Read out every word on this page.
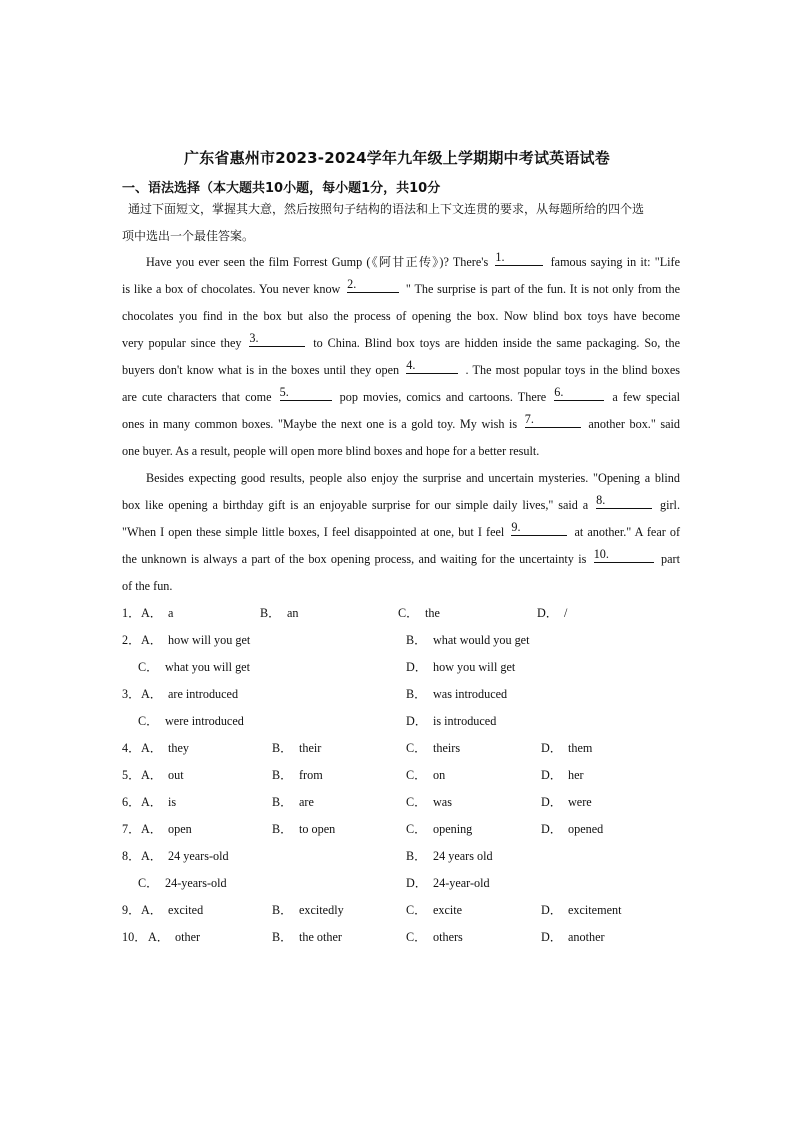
广东省惠州市2023-2024学年九年级上学期期中考试英语试卷
一、语法选择（本大题共10小题，每小题1分，共10分
通过下面短文，掌握其大意，然后按照句子结构的语法和上下文连贯的要求，从每题所给的四个选
项中选出一个最佳答案。
Have you ever seen the film Forrest Gump (《阿甘正传》)? There's 1.	famous saying in it: "Life
is like a box of chocolates. You never know 2.	" The surprise is part of the fun. It is not only from the
chocolates you find in the box but also the process of opening the box. Now blind box toys have become
very popular since they 3.	to China. Blind box toys are hidden inside the same packaging. So, the
buyers don't know what is in the boxes until they open 4.	. The most popular toys in the blind boxes
are cute characters that come 5.	pop movies, comics and cartoons. There 6.	a few special
ones in many common boxes. "Maybe the next one is a gold toy. My wish is 7.	another box." said
one buyer. As a result, people will open more blind boxes and hope for a better result.
Besides expecting good results, people also enjoy the surprise and uncertain mysteries. "Opening a blind
box like opening a birthday gift is an enjoyable surprise for our simple daily lives," said a 8.	girl.
"When I open these simple little boxes, I feel disappointed at one, but I feel 9.	at another." A fear of
the unknown is always a part of the box opening process, and waiting for the uncertainty is 10.	part
of the fun.
1． A． a	B． an	C． the	D． /
2． A． how will you get	B． what would you get
C． what you will get	D． how you will get
3． A． are introduced	B． was introduced
C． were introduced	D． is introduced
4． A． they	B． their	C． theirs	D． them
5． A． out	B． from	C． on	D． her
6． A． is	B． are	C． was	D． were
7． A． open	B． to open	C． opening	D． opened
8． A． 24 years-old	B． 24 years old
C． 24-years-old	D． 24-year-old
9． A． excited	B． excitedly	C． excite	D． excitement
10． A． other	B． the other	C． others	D． another
